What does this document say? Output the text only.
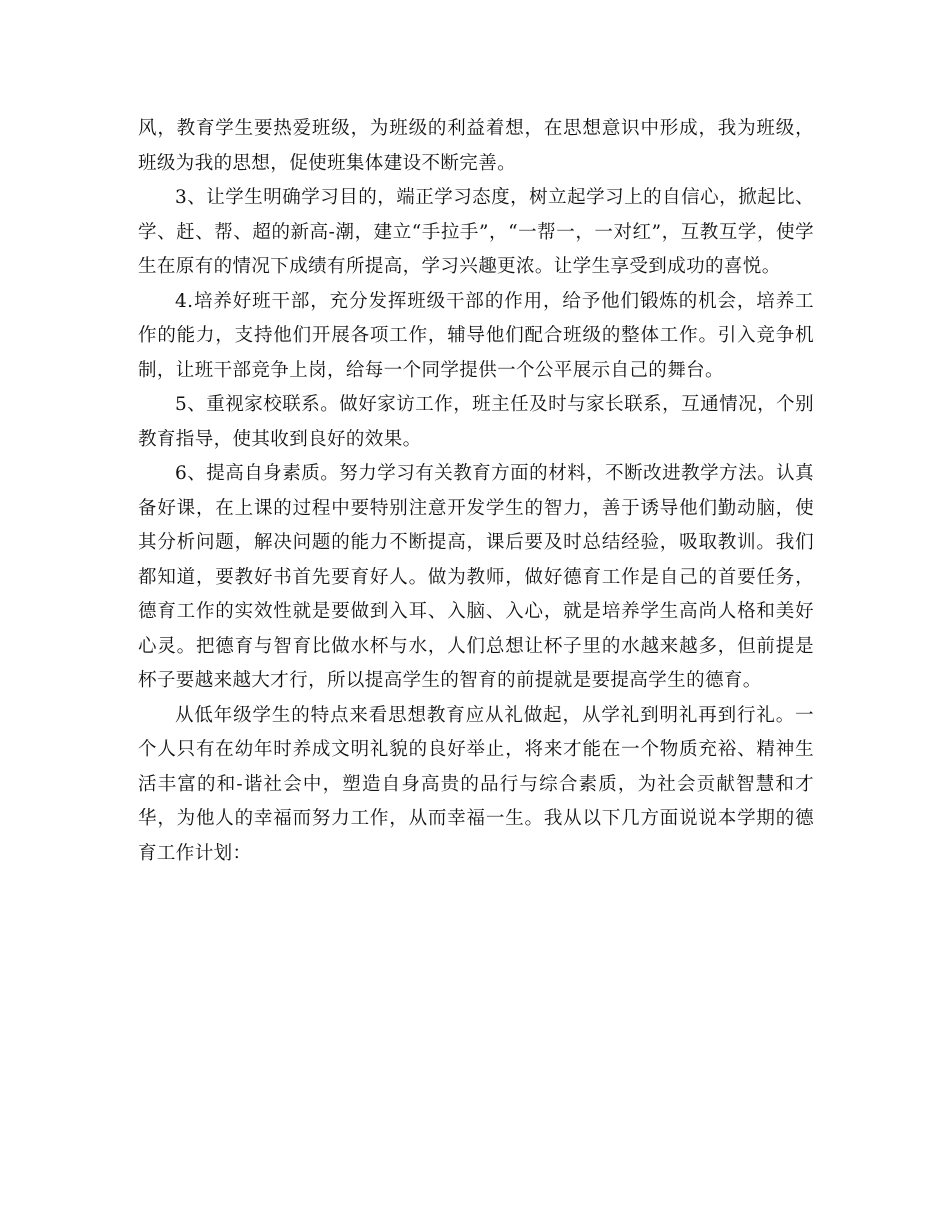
风，教育学生要热爱班级，为班级的利益着想，在思想意识中形成，我为班级，班级为我的思想，促使班集体建设不断完善。

3、让学生明确学习目的，端正学习态度，树立起学习上的自信心，掀起比、学、赶、帮、超的新高-潮，建立“手拉手”，“一帮一，一对红”，互教互学，使学生在原有的情况下成绩有所提高，学习兴趣更浓。让学生享受到成功的喜悦。

4.培养好班干部，充分发挥班级干部的作用，给予他们锻炼的机会，培养工作的能力，支持他们开展各项工作，辅导他们配合班级的整体工作。引入竞争机制，让班干部竞争上岗，给每一个同学提供一个公平展示自己的舞台。

5、重视家校联系。做好家访工作，班主任及时与家长联系，互通情况，个别教育指导，使其收到良好的效果。

6、提高自身素质。努力学习有关教育方面的材料，不断改进教学方法。认真备好课，在上课的过程中要特别注意开发学生的智力，善于诱导他们勤动脑，使其分析问题，解决问题的能力不断提高，课后要及时总结经验，吸取教训。我们都知道，要教好书首先要育好人。做为教师，做好德育工作是自己的首要任务，德育工作的实效性就是要做到入耳、入脑、入心，就是培养学生高尚人格和美好心灵。把德育与智育比做水杯与水，人们总想让杯子里的水越来越多，但前提是杯子要越来越大才行，所以提高学生的智育的前提就是要提高学生的德育。

从低年级学生的特点来看思想教育应从礼做起，从学礼到明礼再到行礼。一个人只有在幼年时养成文明礼貌的良好举止，将来才能在一个物质充裕、精神生活丰富的和-谐社会中，塑造自身高贵的品行与综合素质，为社会贡献智慧和才华，为他人的幸福而努力工作，从而幸福一生。我从以下几方面说说本学期的德育工作计划：
